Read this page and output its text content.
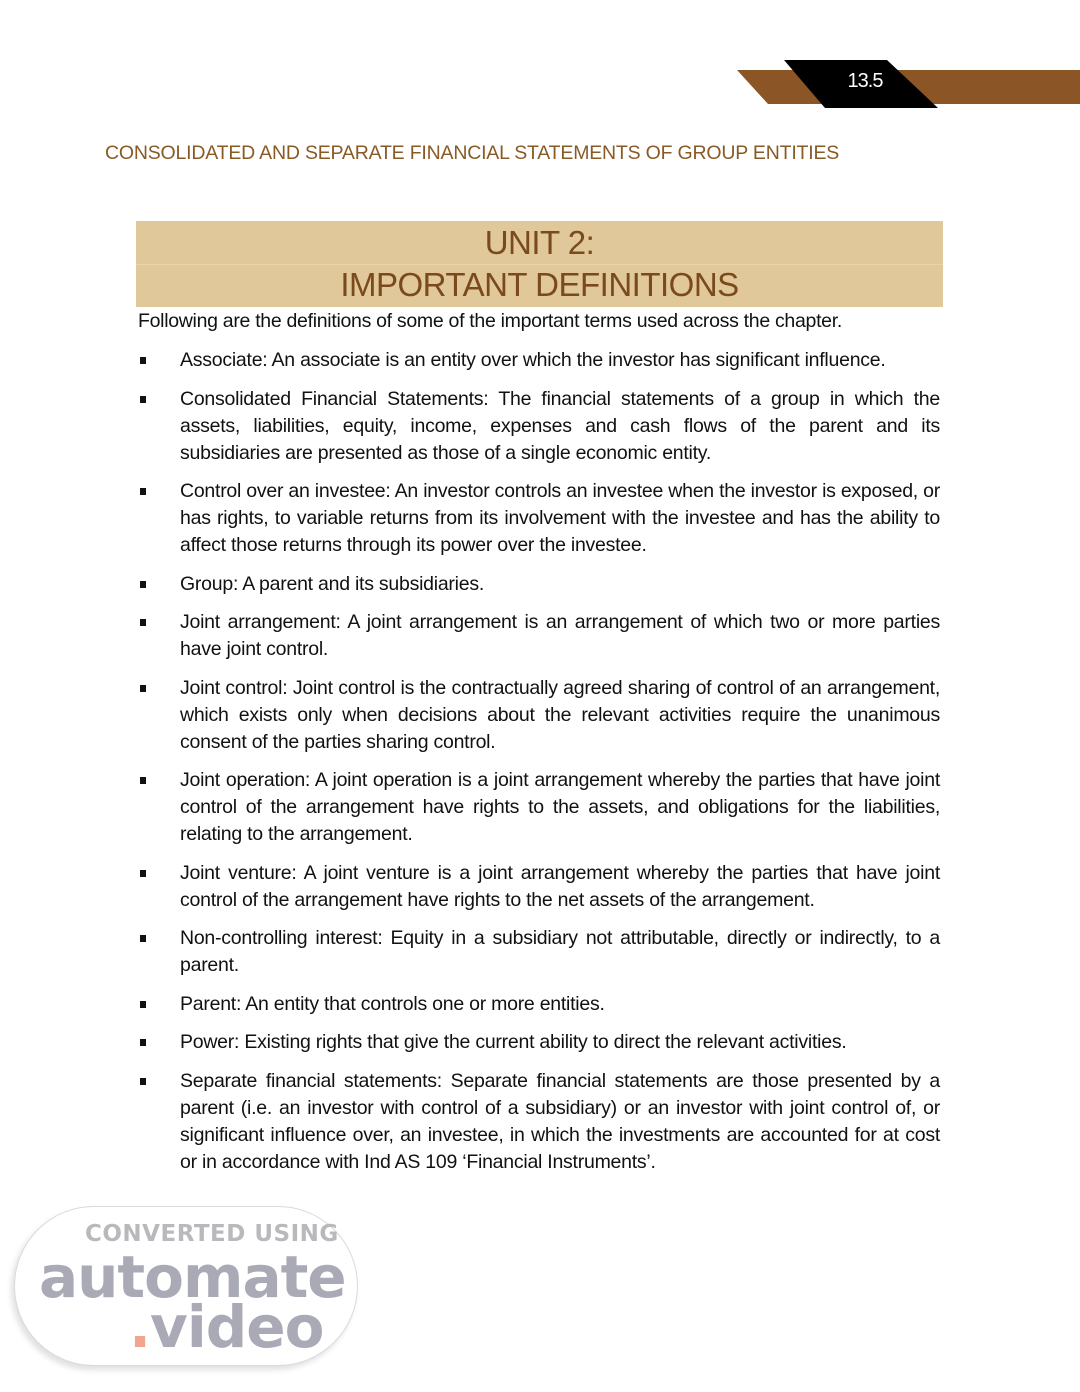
13.5
CONSOLIDATED AND SEPARATE FINANCIAL STATEMENTS OF GROUP ENTITIES
UNIT 2:
IMPORTANT DEFINITIONS
Following are the definitions of some of the important terms used across the chapter.
Associate: An associate is an entity over which the investor has significant influence.
Consolidated Financial Statements: The financial statements of a group in which the assets, liabilities, equity, income, expenses and cash flows of the parent and its subsidiaries are presented as those of a single economic entity.
Control over an investee: An investor controls an investee when the investor is exposed, or has rights, to variable returns from its involvement with the investee and has the ability to affect those returns through its power over the investee.
Group: A parent and its subsidiaries.
Joint arrangement: A joint arrangement is an arrangement of which two or more parties have joint control.
Joint control: Joint control is the contractually agreed sharing of control of an arrangement, which exists only when decisions about the relevant activities require the unanimous consent of the parties sharing control.
Joint operation: A joint operation is a joint arrangement whereby the parties that have joint control of the arrangement have rights to the assets, and obligations for the liabilities, relating to the arrangement.
Joint venture: A joint venture is a joint arrangement whereby the parties that have joint control of the arrangement have rights to the net assets of the arrangement.
Non-controlling interest: Equity in a subsidiary not attributable, directly or indirectly, to a parent.
Parent: An entity that controls one or more entities.
Power: Existing rights that give the current ability to direct the relevant activities.
Separate financial statements: Separate financial statements are those presented by a parent (i.e. an investor with control of a subsidiary) or an investor with joint control of, or significant influence over, an investee, in which the investments are accounted for at cost or in accordance with Ind AS 109 ‘Financial Instruments’.
CONVERTED USING
automate
.video
